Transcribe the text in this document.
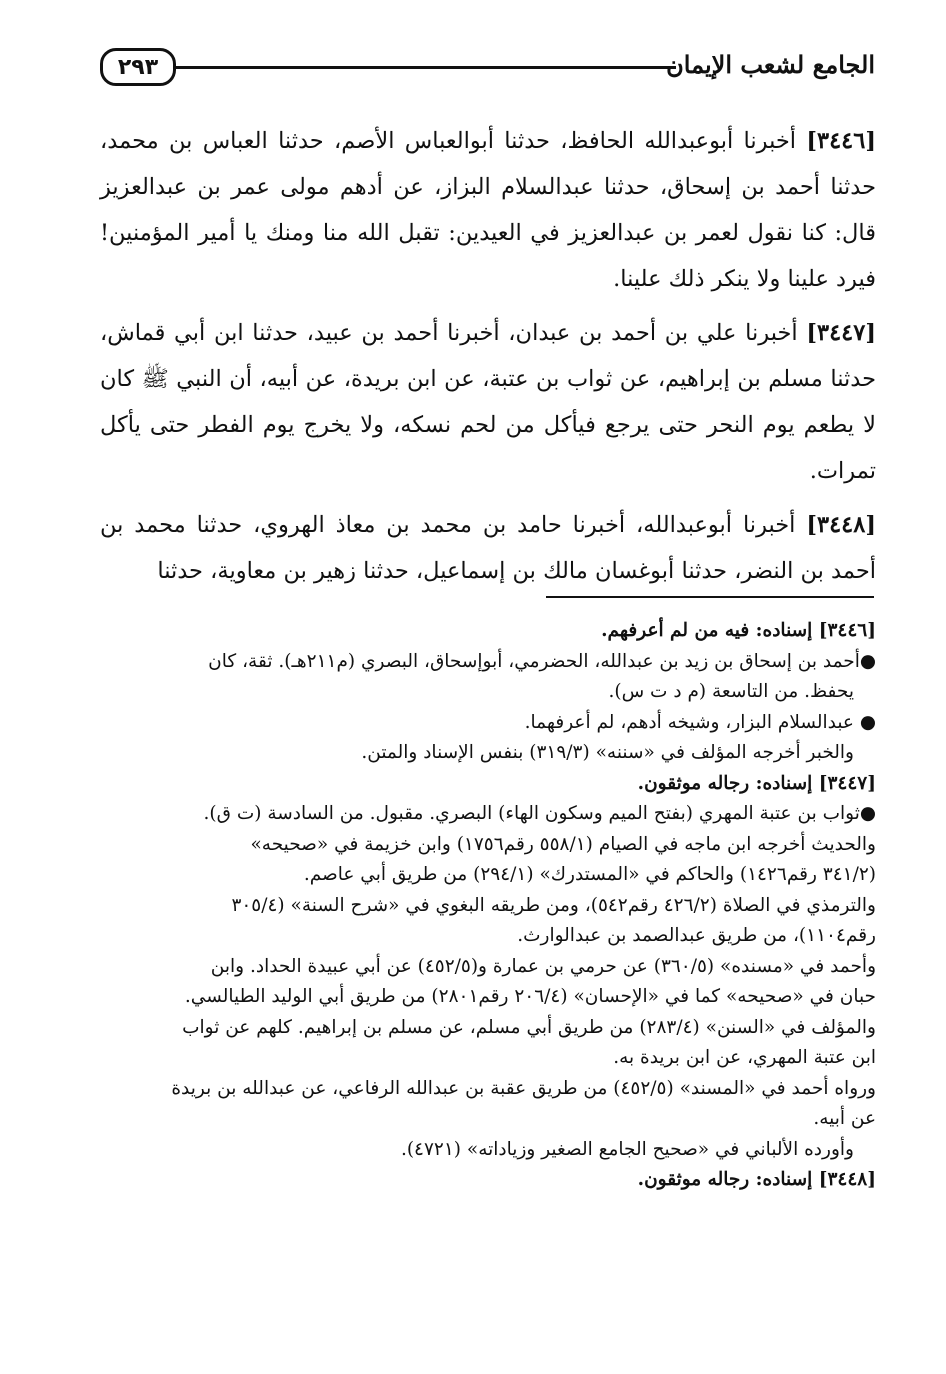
٢٩٣	الجامع لشعب الإيمان

[٣٤٤٦] أخبرنا أبوعبدالله الحافظ، حدثنا أبوالعباس الأصم، حدثنا العباس بن محمد، حدثنا أحمد بن إسحاق، حدثنا عبدالسلام البزاز، عن أدهم مولى عمر بن عبدالعزيز قال: كنا نقول لعمر بن عبدالعزيز في العيدين: تقبل الله منا ومنك يا أمير المؤمنين! فيرد علينا ولا ينكر ذلك علينا.

[٣٤٤٧] أخبرنا علي بن أحمد بن عبدان، أخبرنا أحمد بن عبيد، حدثنا ابن أبي قماش، حدثنا مسلم بن إبراهيم، عن ثواب بن عتبة، عن ابن بريدة، عن أبيه، أن النبي ﷺ كان لا يطعم يوم النحر حتى يرجع فيأكل من لحم نسكه، ولا يخرج يوم الفطر حتى يأكل تمرات.

[٣٤٤٨] أخبرنا أبوعبدالله، أخبرنا حامد بن محمد بن معاذ الهروي، حدثنا محمد بن أحمد بن النضر، حدثنا أبوغسان مالك بن إسماعيل، حدثنا زهير بن معاوية، حدثنا

[٣٤٤٦] إسناده: فيه من لم أعرفهم.

●أحمد بن إسحاق بن زيد بن عبدالله، الحضرمي، أبوإسحاق، البصري (م٢١١هـ). ثقة، كان

يحفظ. من التاسعة (م د ت س).

● عبدالسلام البزار، وشيخه أدهم، لم أعرفهما.

والخبر أخرجه المؤلف في «سننه» (٣١٩/٣) بنفس الإسناد والمتن.

[٣٤٤٧] إسناده: رجاله موثقون.

●ثواب بن عتبة المهري (بفتح الميم وسكون الهاء) البصري. مقبول. من السادسة (ت ق).

والحديث أخرجه ابن ماجه في الصيام (٥٥٨/١ رقم١٧٥٦) وابن خزيمة في «صحيحه»

(٣٤١/٢ رقم١٤٢٦) والحاكم في «المستدرك» (٢٩٤/١) من طريق أبي عاصم.

والترمذي في الصلاة (٤٢٦/٢ رقم٥٤٢)، ومن طريقه البغوي في «شرح السنة» (٣٠٥/٤

رقم١١٠٤)، من طريق عبدالصمد بن عبدالوارث.

وأحمد في «مسنده» (٣٦٠/٥) عن حرمي بن عمارة و(٤٥٢/٥) عن أبي عبيدة الحداد. وابن

حبان في «صحيحه» كما في «الإحسان» (٢٠٦/٤ رقم٢٨٠١) من طريق أبي الوليد الطيالسي.

والمؤلف في «السنن» (٢٨٣/٤) من طريق أبي مسلم، عن مسلم بن إبراهيم. كلهم عن ثواب

ابن عتبة المهري، عن ابن بريدة به.

ورواه أحمد في «المسند» (٤٥٢/٥) من طريق عقبة بن عبدالله الرفاعي، عن عبدالله بن بريدة

عن أبيه.

وأورده الألباني في «صحيح الجامع الصغير وزياداته» (٤٧٢١).

[٣٤٤٨] إسناده: رجاله موثقون.
